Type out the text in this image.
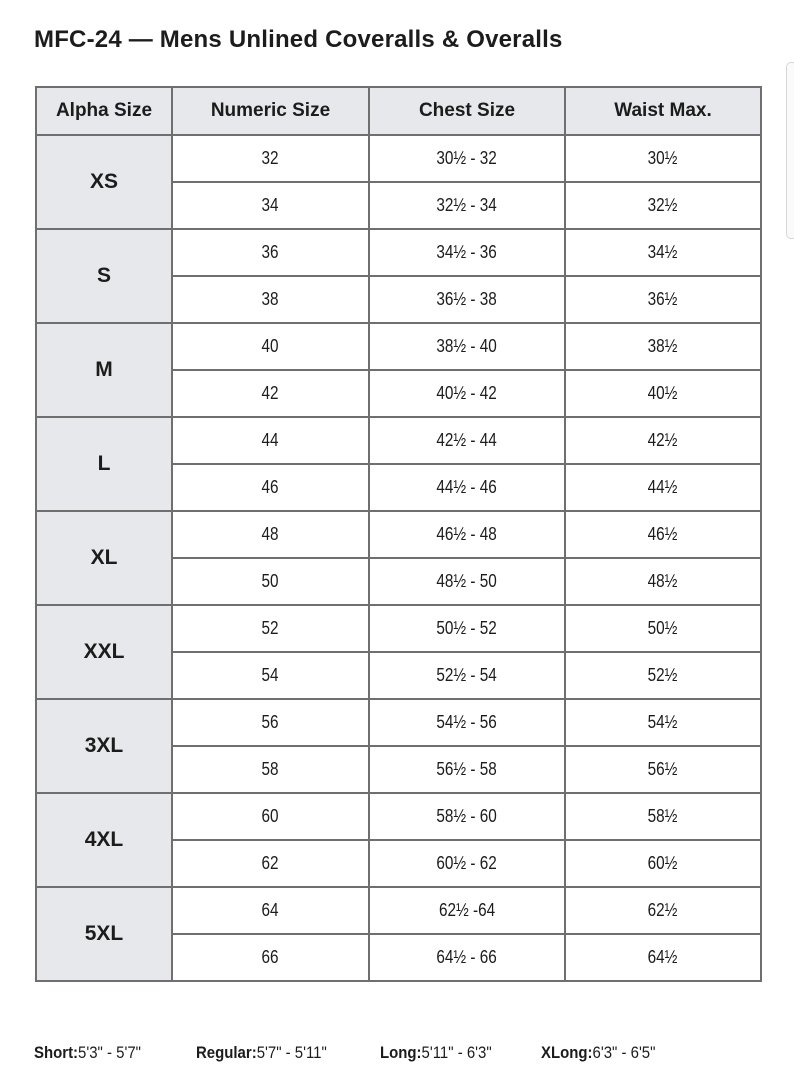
MFC-24 — Mens Unlined Coveralls & Overalls
Alpha Size	Numeric Size	Chest Size	Waist Max.
XS	32	30½ - 32	30½
	34	32½ - 34	32½
S	36	34½ - 36	34½
	38	36½ - 38	36½
M	40	38½ - 40	38½
	42	40½ - 42	40½
L	44	42½ - 44	42½
	46	44½ - 46	44½
XL	48	46½ - 48	46½
	50	48½ - 50	48½
XXL	52	50½ - 52	50½
	54	52½ - 54	52½
3XL	56	54½ - 56	54½
	58	56½ - 58	56½
4XL	60	58½ - 60	58½
	62	60½ - 62	60½
5XL	64	62½ -64	62½
	66	64½ - 66	64½
Short:5'3" - 5'7"	Regular:5'7" - 5'11"	Long:5'11" - 6'3"	XLong:6'3" - 6'5"
